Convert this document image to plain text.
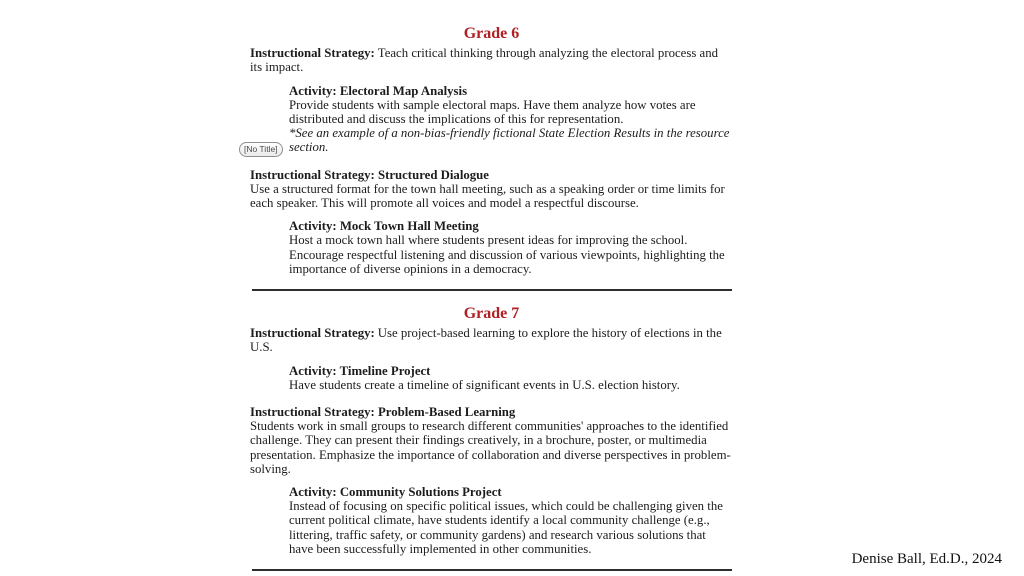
Grade 6

Instructional Strategy: Teach critical thinking through analyzing the electoral process and its impact.

Activity: Electoral Map Analysis

Provide students with sample electoral maps. Have them analyze how votes are distributed and discuss the implications of this for representation.

*See an example of a non-bias-friendly fictional State Election Results in the resource section.

Instructional Strategy: Structured Dialogue

Use a structured format for the town hall meeting, such as a speaking order or time limits for each speaker. This will promote all voices and model a respectful discourse.

Activity: Mock Town Hall Meeting

Host a mock town hall where students present ideas for improving the school. Encourage respectful listening and discussion of various viewpoints, highlighting the importance of diverse opinions in a democracy.

Grade 7

Instructional Strategy: Use project-based learning to explore the history of elections in the U.S.

Activity: Timeline Project

Have students create a timeline of significant events in U.S. election history.

Instructional Strategy: Problem-Based Learning

Students work in small groups to research different communities' approaches to the identified challenge. They can present their findings creatively, in a brochure, poster, or multimedia presentation. Emphasize the importance of collaboration and diverse perspectives in problem-solving.

Activity: Community Solutions Project

Instead of focusing on specific political issues, which could be challenging given the current political climate, have students identify a local community challenge (e.g., littering, traffic safety, or community gardens) and research various solutions that have been successfully implemented in other communities.

[No Title]
Denise Ball, Ed.D., 2024
